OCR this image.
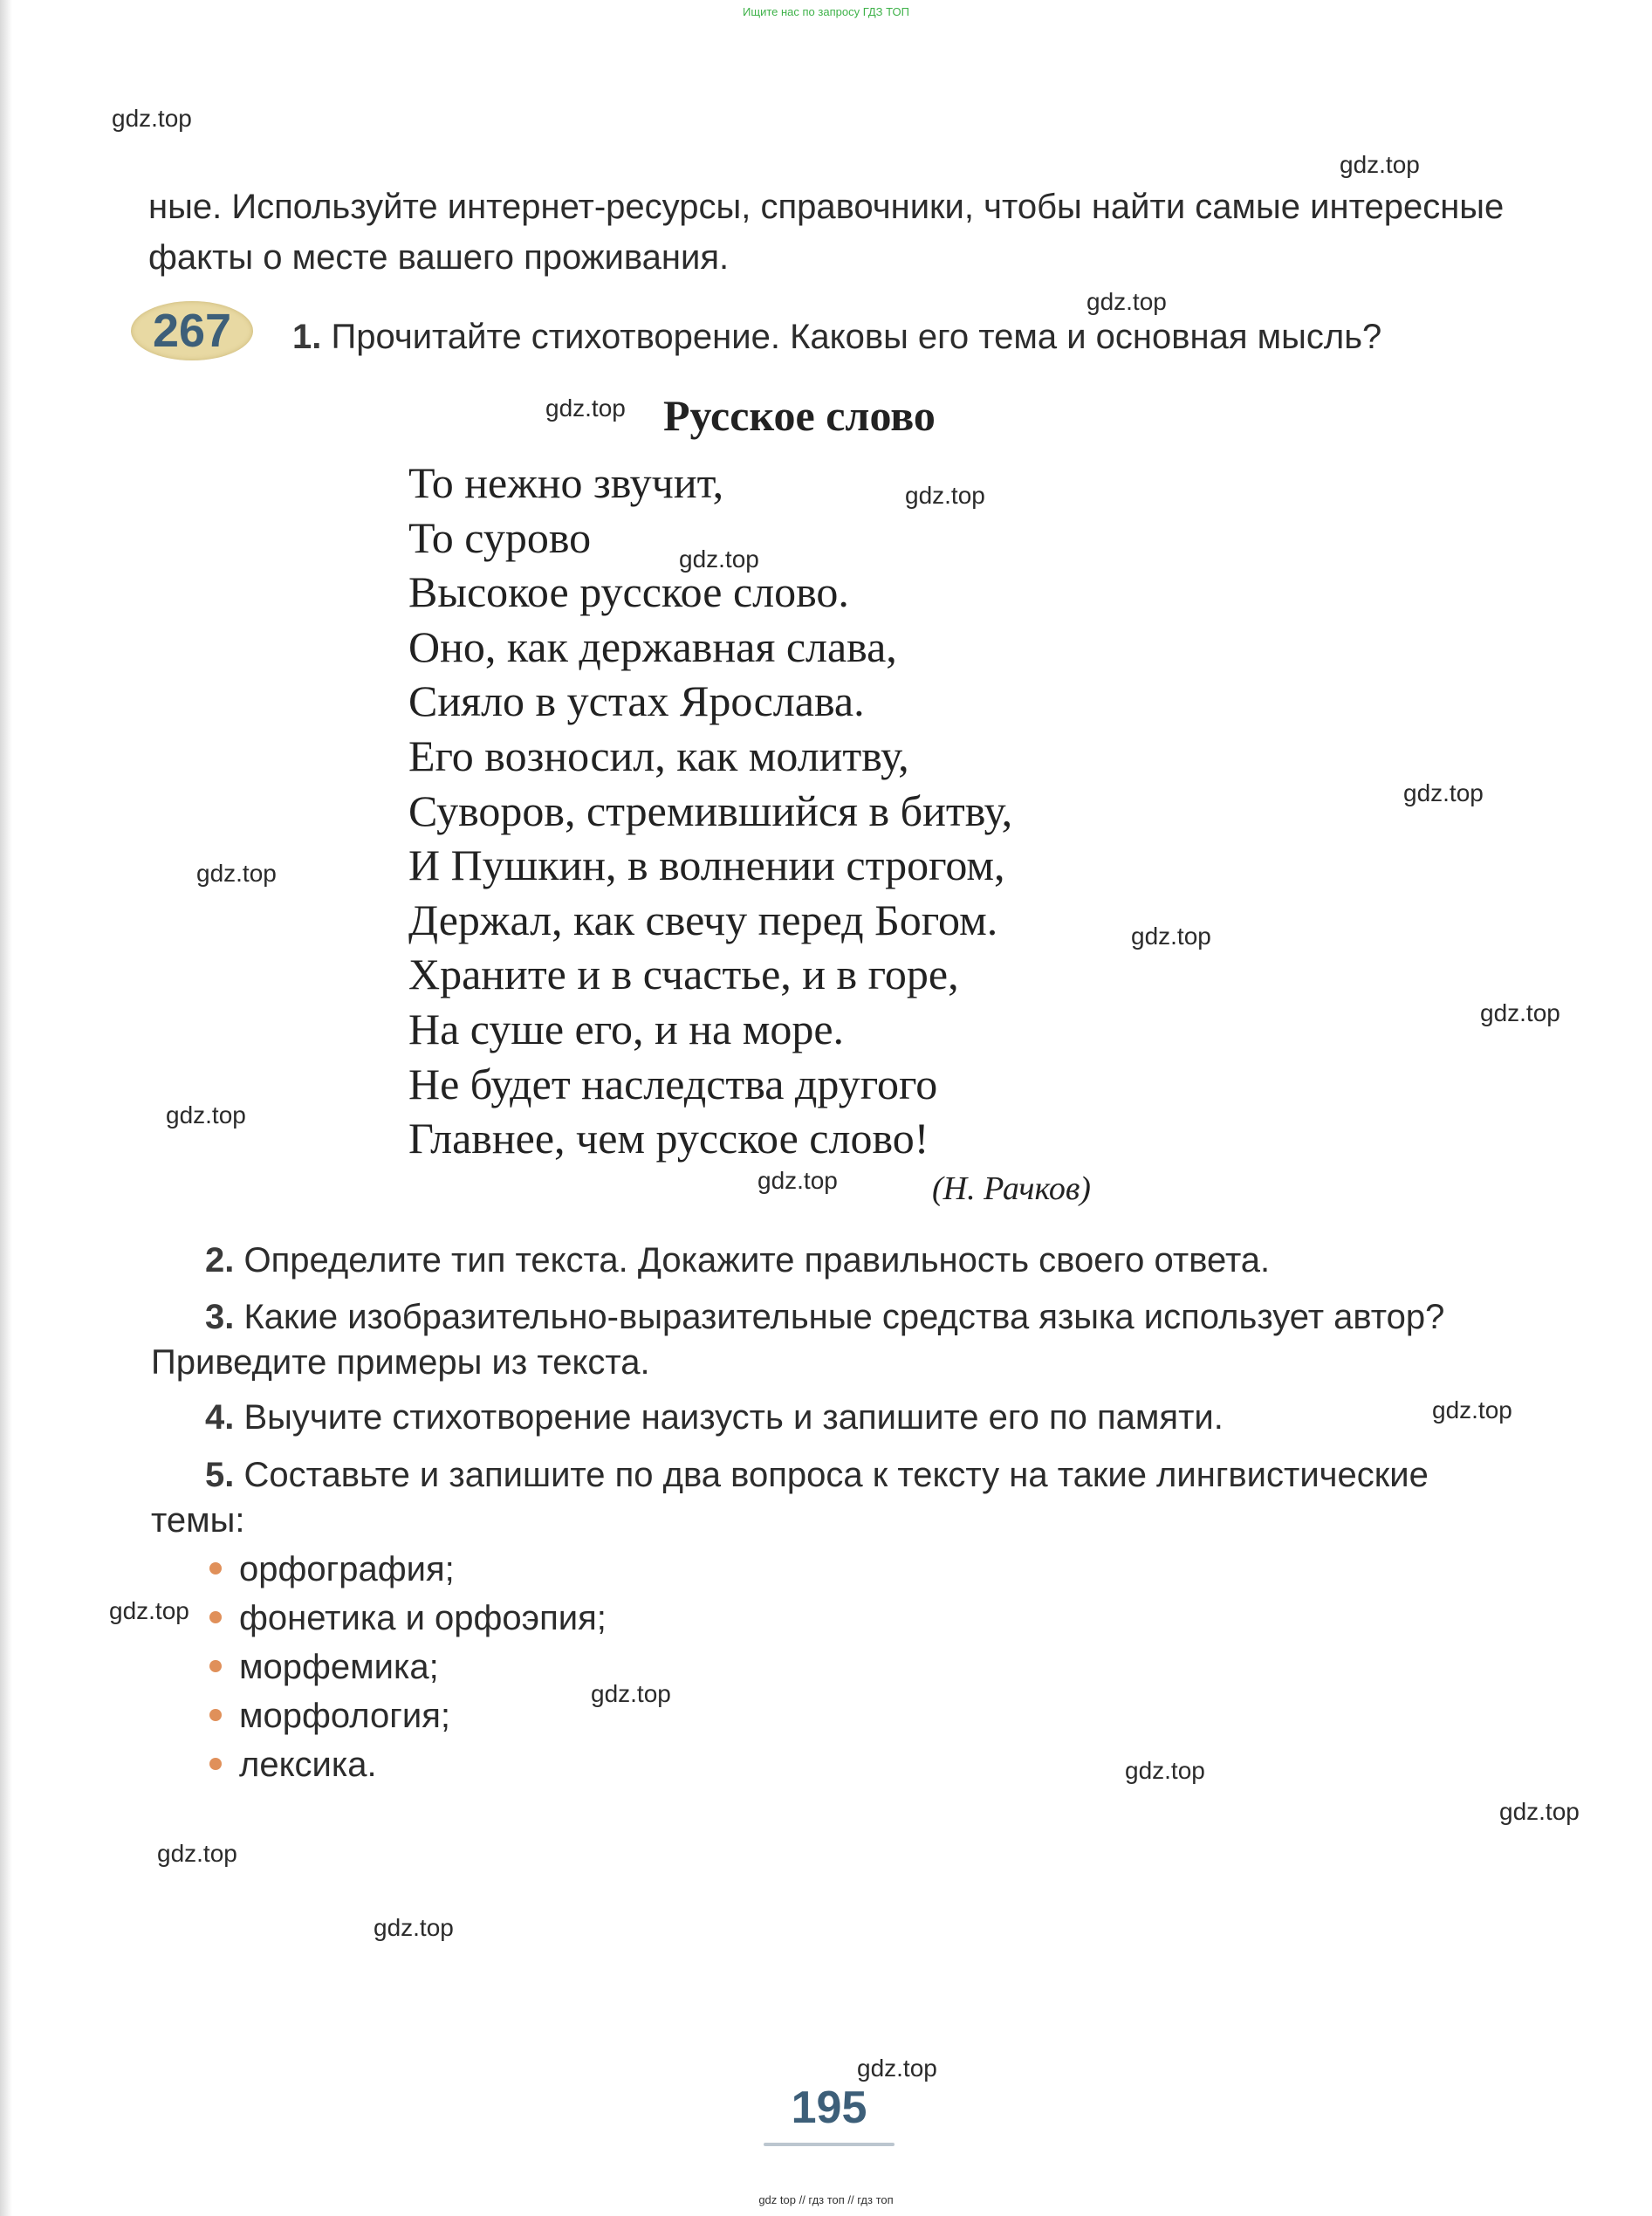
Ищите нас по запросу ГДЗ ТОП
ные. Используйте интернет-ресурсы, справочники, чтобы найти самые интересные факты о месте вашего проживания.
267 1. Прочитайте стихотворение. Каковы его тема и основная мысль?
Русское слово
То нежно звучит,
То сурово
Высокое русское слово.
Оно, как державная слава,
Сияло в устах Ярослава.
Его возносил, как молитву,
Суворов, стремившийся в битву,
И Пушкин, в волнении строгом,
Держал, как свечу перед Богом.
Храните и в счастье, и в горе,
На суше его, и на море.
Не будет наследства другого
Главнее, чем русское слово!
(Н. Рачков)
2. Определите тип текста. Докажите правильность своего ответа.
3. Какие изобразительно-выразительные средства языка использует автор? Приведите примеры из текста.
4. Выучите стихотворение наизусть и запишите его по памяти.
5. Составьте и запишите по два вопроса к тексту на такие лингвистические темы:
орфография;
фонетика и орфоэпия;
морфемика;
морфология;
лексика.
gdz.top
gdz.top
gdz.top
gdz.top
gdz.top
gdz.top
gdz.top
gdz.top
gdz.top
gdz.top
gdz.top
gdz.top
gdz.top
gdz.top
gdz.top
gdz.top
gdz.top
gdz.top
gdz.top
gdz.top
195
gdz top // гдз топ // гдз топ
